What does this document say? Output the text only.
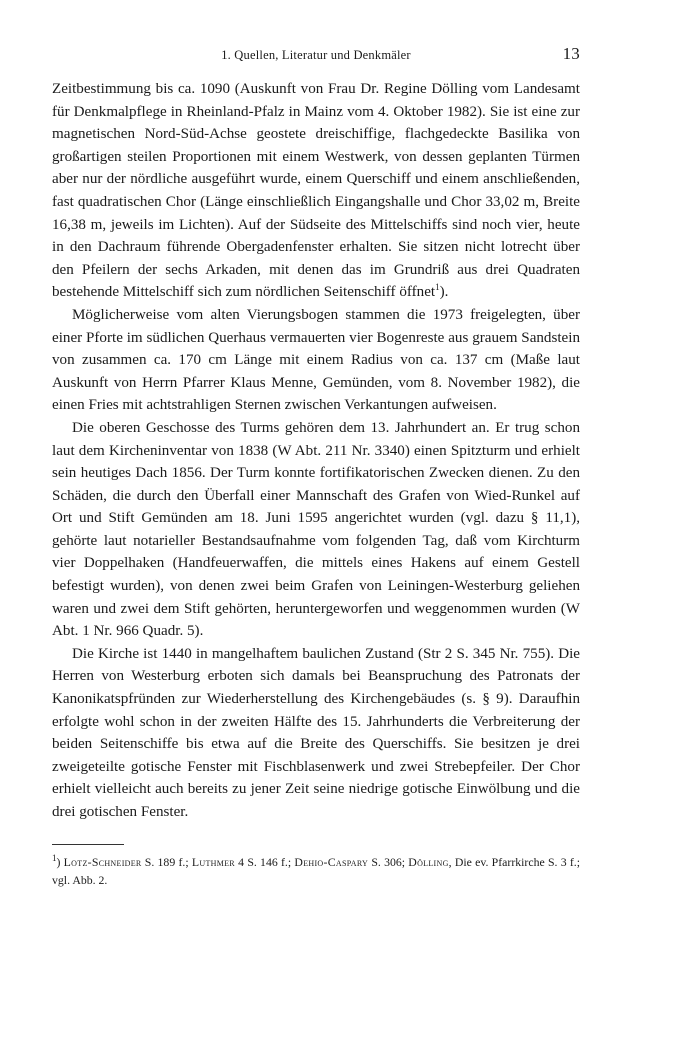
1. Quellen, Literatur und Denkmäler	13

Zeitbestimmung bis ca. 1090 (Auskunft von Frau Dr. Regine Dölling vom Landesamt für Denkmalpflege in Rheinland-Pfalz in Mainz vom 4. Oktober 1982). Sie ist eine zur magnetischen Nord-Süd-Achse geostete dreischiffige, flachgedeckte Basilika von großartigen steilen Proportionen mit einem Westwerk, von dessen geplanten Türmen aber nur der nördliche ausgeführt wurde, einem Querschiff und einem anschließenden, fast quadratischen Chor (Länge einschließlich Eingangshalle und Chor 33,02 m, Breite 16,38 m, jeweils im Lichten). Auf der Südseite des Mittelschiffs sind noch vier, heute in den Dachraum führende Obergadenfenster erhalten. Sie sitzen nicht lotrecht über den Pfeilern der sechs Arkaden, mit denen das im Grundriß aus drei Quadraten bestehende Mittelschiff sich zum nördlichen Seitenschiff öffnet$^1$).

Möglicherweise vom alten Vierungsbogen stammen die 1973 freigelegten, über einer Pforte im südlichen Querhaus vermauerten vier Bogenreste aus grauem Sandstein von zusammen ca. 170 cm Länge mit einem Radius von ca. 137 cm (Maße laut Auskunft von Herrn Pfarrer Klaus Menne, Gemünden, vom 8. November 1982), die einen Fries mit achtstrahligen Sternen zwischen Verkantungen aufweisen.

Die oberen Geschosse des Turms gehören dem 13. Jahrhundert an. Er trug schon laut dem Kircheninventar von 1838 (W Abt. 211 Nr. 3340) einen Spitzturm und erhielt sein heutiges Dach 1856. Der Turm konnte fortifikatorischen Zwecken dienen. Zu den Schäden, die durch den Überfall einer Mannschaft des Grafen von Wied-Runkel auf Ort und Stift Gemünden am 18. Juni 1595 angerichtet wurden (vgl. dazu § 11,1), gehörte laut notarieller Bestandsaufnahme vom folgenden Tag, daß vom Kirchturm vier Doppelhaken (Handfeuerwaffen, die mittels eines Hakens auf einem Gestell befestigt wurden), von denen zwei beim Grafen von Leiningen-Westerburg geliehen waren und zwei dem Stift gehörten, heruntergeworfen und weggenommen wurden (W Abt. 1 Nr. 966 Quadr. 5).

Die Kirche ist 1440 in mangelhaftem baulichen Zustand (Str 2 S. 345 Nr. 755). Die Herren von Westerburg erboten sich damals bei Beanspruchung des Patronats der Kanonikatspfründen zur Wiederherstellung des Kirchengebäudes (s. § 9). Daraufhin erfolgte wohl schon in der zweiten Hälfte des 15. Jahrhunderts die Verbreiterung der beiden Seitenschiffe bis etwa auf die Breite des Querschiffs. Sie besitzen je drei zweigeteilte gotische Fenster mit Fischblasenwerk und zwei Strebepfeiler. Der Chor erhielt vielleicht auch bereits zu jener Zeit seine niedrige gotische Einwölbung und die drei gotischen Fenster.

$^1$) Lotz-Schneider S. 189 f.; Luthmer 4 S. 146 f.; Dehio-Caspary S. 306; Dölling, Die ev. Pfarrkirche S. 3 f.; vgl. Abb. 2.
